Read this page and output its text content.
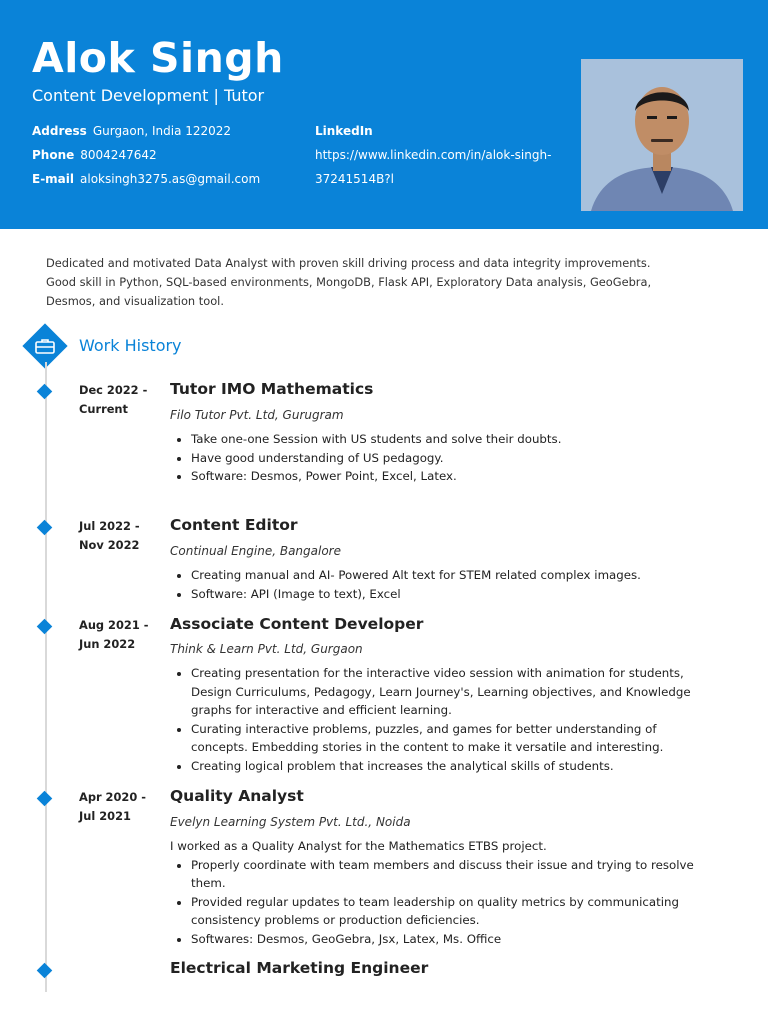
Alok Singh
Content Development | Tutor
Address Gurgaon, India 122022
Phone 8004247642
E-mail aloksingh3275.as@gmail.com
LinkedIn
https://www.linkedin.com/in/alok-singh-
37241514B?l
Dedicated and motivated Data Analyst with proven skill driving process and data integrity improvements.
Good skill in Python, SQL-based environments, MongoDB, Flask API, Exploratory Data analysis, GeoGebra,
Desmos, and visualization tool.
Work History
Dec 2022 -
Current
Tutor IMO Mathematics
Filo Tutor Pvt. Ltd, Gurugram
• Take one-one Session with US students and solve their doubts.
• Have good understanding of US pedagogy.
• Software: Desmos, Power Point, Excel, Latex.
Jul 2022 -
Nov 2022
Content Editor
Continual Engine, Bangalore
• Creating manual and AI- Powered Alt text for STEM related complex images.
• Software: API (Image to text), Excel
Aug 2021 -
Jun 2022
Associate Content Developer
Think & Learn Pvt. Ltd, Gurgaon
• Creating presentation for the interactive video session with animation for students, Design Curriculums, Pedagogy, Learn Journey's, Learning objectives, and Knowledge graphs for interactive and efficient learning.
• Curating interactive problems, puzzles, and games for better understanding of concepts. Embedding stories in the content to make it versatile and interesting.
• Creating logical problem that increases the analytical skills of students.
Apr 2020 -
Jul 2021
Quality Analyst
Evelyn Learning System Pvt. Ltd., Noida

I worked as a Quality Analyst for the Mathematics ETBS project.

• Properly coordinate with team members and discuss their issue and trying to resolve them.
• Provided regular updates to team leadership on quality metrics by communicating consistency problems or production deficiencies.
• Softwares: Desmos, GeoGebra, Jsx, Latex, Ms. Office
Electrical Marketing Engineer
